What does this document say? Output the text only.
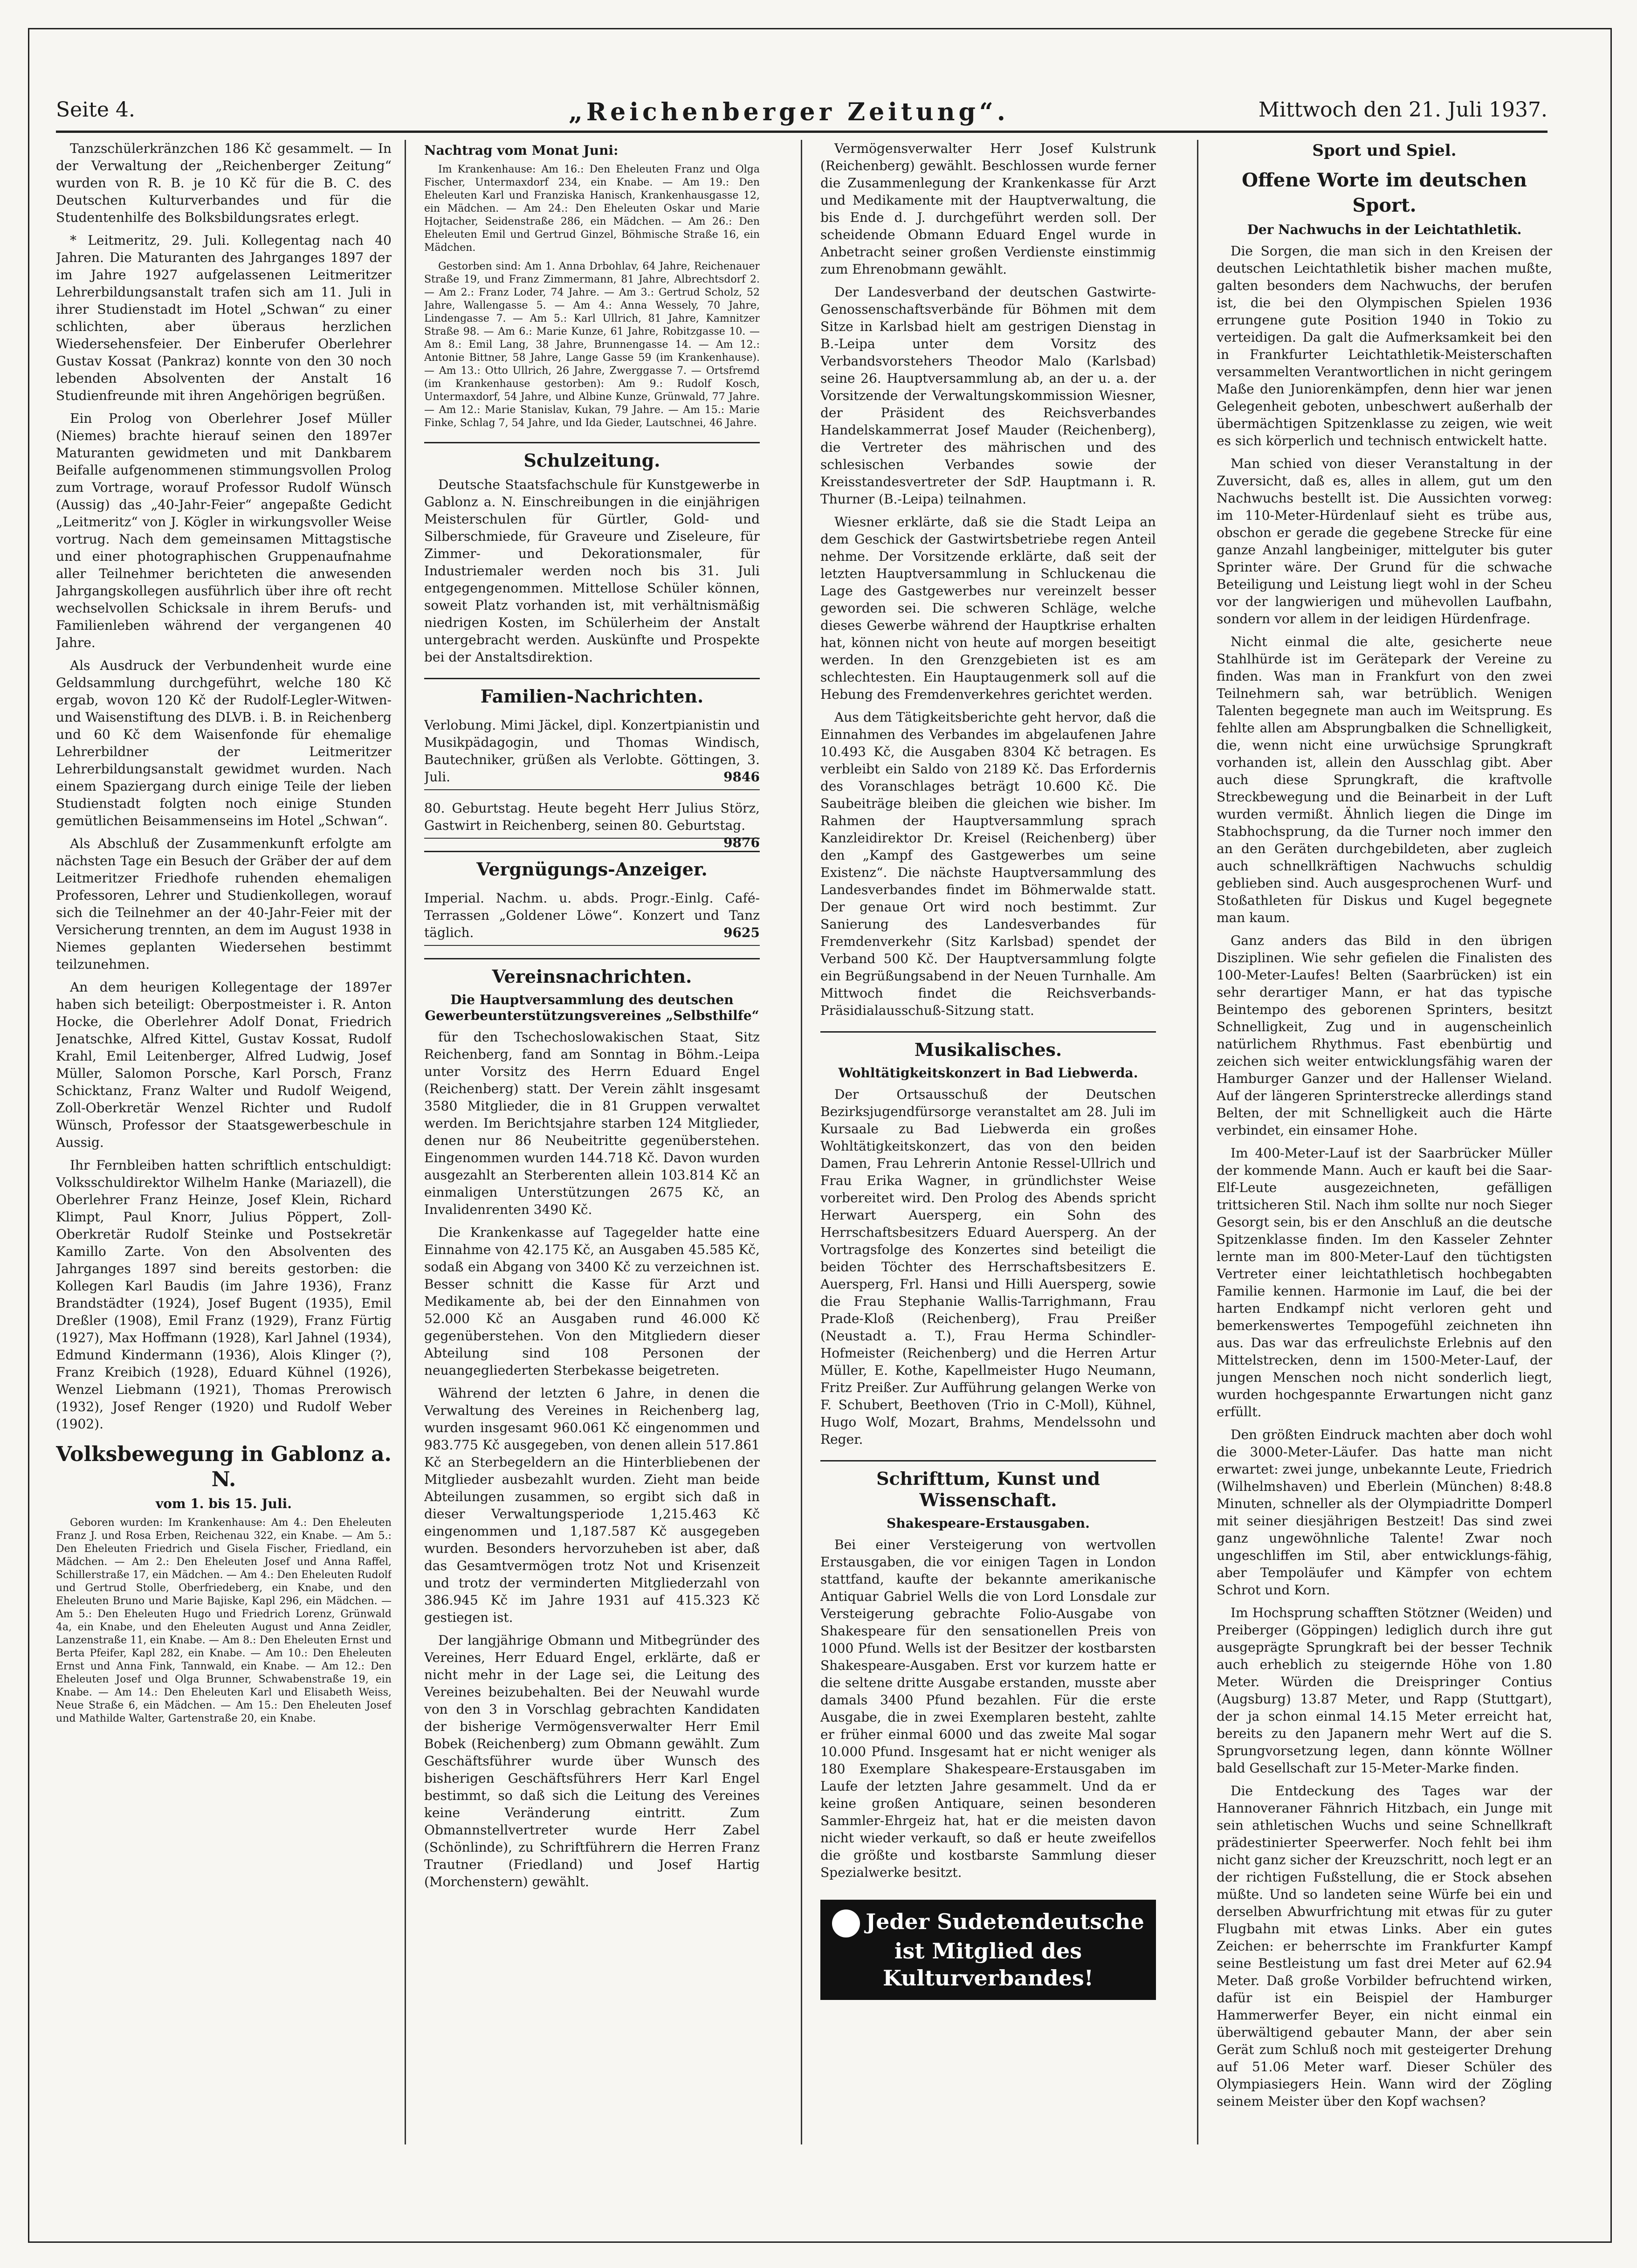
Seite 4.	„Reichenberger Zeitung“.	Mittwoch den 21. Juli 1937.

Tanzschülerkränzchen 186 Kč gesammelt. — In der Verwaltung der „Reichenberger Zeitung“ wurden von R. B. je 10 Kč für die B. C. des Deutschen Kulturverbandes und für die Studentenhilfe des Bolksbildungsrates erlegt.

* Leitmeritz, 29. Juli. Kollegentag nach 40 Jahren. Die Maturanten des Jahrganges 1897 der im Jahre 1927 aufgelassenen Leitmeritzer Lehrerbildungsanstalt trafen sich am 11. Juli in ihrer Studienstadt im Hotel „Schwan“ zu einer schlichten, aber überaus herzlichen Wiedersehensfeier. Der Einberufer Oberlehrer Gustav Kossat (Pankraz) konnte von den 30 noch lebenden Absolventen der Anstalt 16 Studienfreunde mit ihren Angehörigen begrüßen.

Ein Prolog von Oberlehrer Josef Müller (Niemes) brachte hierauf seinen den 1897er Maturanten gewidmeten und mit Dankbarem Beifalle aufgenommenen stimmungsvollen Prolog zum Vortrage, worauf Professor Rudolf Wünsch (Aussig) das „40-Jahr-Feier“ angepaßte Gedicht „Leitmeritz“ von J. Kögler in wirkungsvoller Weise vortrug. Nach dem gemeinsamen Mittagstische und einer photographischen Gruppenaufnahme aller Teilnehmer berichteten die anwesenden Jahrgangskollegen ausführlich über ihre oft recht wechselvollen Schicksale in ihrem Berufs- und Familienleben während der vergangenen 40 Jahre.

Als Ausdruck der Verbundenheit wurde eine Geldsammlung durchgeführt, welche 180 Kč ergab, wovon 120 Kč der Rudolf-Legler-Witwen- und Waisenstiftung des DLVB. i. B. in Reichenberg und 60 Kč dem Waisenfonde für ehemalige Lehrerbildner der Leitmeritzer Lehrerbildungsanstalt gewidmet wurden. Nach einem Spaziergang durch einige Teile der lieben Studienstadt folgten noch einige Stunden gemütlichen Beisammenseins im Hotel „Schwan“.

Als Abschluß der Zusammenkunft erfolgte am nächsten Tage ein Besuch der Gräber der auf dem Leitmeritzer Friedhofe ruhenden ehemaligen Professoren, Lehrer und Studienkollegen, worauf sich die Teilnehmer an der 40-Jahr-Feier mit der Versicherung trennten, an dem im August 1938 in Niemes geplanten Wiedersehen bestimmt teilzunehmen.

An dem heurigen Kollegentage der 1897er haben sich beteiligt: Oberpostmeister i. R. Anton Hocke, die Oberlehrer Adolf Donat, Friedrich Jenatschke, Alfred Kittel, Gustav Kossat, Rudolf Krahl, Emil Leitenberger, Alfred Ludwig, Josef Müller, Salomon Porsche, Karl Porsch, Franz Schicktanz, Franz Walter und Rudolf Weigend, Zoll-Oberkretär Wenzel Richter und Rudolf Wünsch, Professor der Staatsgewerbeschule in Aussig.

Ihr Fernbleiben hatten schriftlich entschuldigt: Volksschuldirektor Wilhelm Hanke (Mariazell), die Oberlehrer Franz Heinze, Josef Klein, Richard Klimpt, Paul Knorr, Julius Pöppert, Zoll-Oberkretär Rudolf Steinke und Postsekretär Kamillo Zarte. Von den Absolventen des Jahrganges 1897 sind bereits gestorben: die Kollegen Karl Baudis (im Jahre 1936), Franz Brandstädter (1924), Josef Bugent (1935), Emil Dreßler (1908), Emil Franz (1929), Franz Fürtig (1927), Max Hoffmann (1928), Karl Jahnel (1934), Edmund Kindermann (1936), Alois Klinger (?), Franz Kreibich (1928), Eduard Kühnel (1926), Wenzel Liebmann (1921), Thomas Prerowisch (1932), Josef Renger (1920) und Rudolf Weber (1902).

Volksbewegung in Gablonz a. N.
vom 1. bis 15. Juli.

Geboren wurden: Im Krankenhause: Am 4.: Den Eheleuten Franz J. und Rosa Erben, Reichenau 322, ein Knabe. — Am 5.: Den Eheleuten Friedrich und Gisela Fischer, Friedland, ein Mädchen. — Am 2.: Den Eheleuten Josef und Anna Raffel, Schillerstraße 17, ein Mädchen. — Am 4.: Den Eheleuten Rudolf und Gertrud Stolle, Oberfriedeberg, ein Knabe, und den Eheleuten Bruno und Marie Bajiske, Kapl 296, ein Mädchen. — Am 5.: Den Eheleuten Hugo und Friedrich Lorenz, Grünwald 4a, ein Knabe, und den Eheleuten August und Anna Zeidler, Lanzenstraße 11, ein Knabe. — Am 8.: Den Eheleuten Ernst und Berta Pfeifer, Kapl 282, ein Knabe. — Am 10.: Den Eheleuten Ernst und Anna Fink, Tannwald, ein Knabe. — Am 12.: Den Eheleuten Josef und Olga Brunner, Schwabenstraße 19, ein Knabe. — Am 14.: Den Eheleuten Karl und Elisabeth Weiss, Neue Straße 6, ein Mädchen. — Am 15.: Den Eheleuten Josef und Mathilde Walter, Gartenstraße 20, ein Knabe.

Nachtrag vom Monat Juni:

Im Krankenhause: Am 16.: Den Eheleuten Franz und Olga Fischer, Untermaxdorf 234, ein Knabe. — Am 19.: Den Eheleuten Karl und Franziska Hanisch, Krankenhausgasse 12, ein Mädchen. — Am 24.: Den Eheleuten Oskar und Marie Hojtacher, Seidenstraße 286, ein Mädchen. — Am 26.: Den Eheleuten Emil und Gertrud Ginzel, Böhmische Straße 16, ein Mädchen.

Gestorben sind: Am 1. Anna Drbohlav, 64 Jahre, Reichenauer Straße 19, und Franz Zimmermann, 81 Jahre, Albrechtsdorf 2. — Am 2.: Franz Loder, 74 Jahre. — Am 3.: Gertrud Scholz, 52 Jahre, Wallengasse 5. — Am 4.: Anna Wessely, 70 Jahre, Lindengasse 7. — Am 5.: Karl Ullrich, 81 Jahre, Kamnitzer Straße 98. — Am 6.: Marie Kunze, 61 Jahre, Robitzgasse 10. — Am 8.: Emil Lang, 38 Jahre, Brunnengasse 14. — Am 12.: Antonie Bittner, 58 Jahre, Lange Gasse 59 (im Krankenhause). — Am 13.: Otto Ullrich, 26 Jahre, Zwerggasse 7. — Ortsfremd (im Krankenhause gestorben): Am 9.: Rudolf Kosch, Untermaxdorf, 54 Jahre, und Albine Kunze, Grünwald, 77 Jahre. — Am 12.: Marie Stanislav, Kukan, 79 Jahre. — Am 15.: Marie Finke, Schlag 7, 54 Jahre, und Ida Gieder, Lautschnei, 46 Jahre.

Schulzeitung.

Deutsche Staatsfachschule für Kunstgewerbe in Gablonz a. N. Einschreibungen in die einjährigen Meisterschulen für Gürtler, Gold- und Silberschmiede, für Graveure und Ziseleure, für Zimmer- und Dekorationsmaler, für Industriemaler werden noch bis 31. Juli entgegengenommen. Mittellose Schüler können, soweit Platz vorhanden ist, mit verhältnismäßig niedrigen Kosten, im Schülerheim der Anstalt untergebracht werden. Auskünfte und Prospekte bei der Anstaltsdirektion.

Familien-Nachrichten.
Verlobung. Mimi Jäckel, dipl. Konzertpianistin und Musikpädagogin, und Thomas Windisch, Bautechniker, grüßen als Verlobte. Göttingen, 3. Juli.	9846
80. Geburtstag. Heute begeht Herr Julius Störz, Gastwirt in Reichenberg, seinen 80. Geburtstag.
9876
Vergnügungs-Anzeiger.
Imperial. Nachm. u. abds. Progr.-Einlg. Café-Terrassen „Goldener Löwe“. Konzert und Tanz täglich.	9625
Vereinsnachrichten.
Die Hauptversammlung des deutschen Gewerbeunterstützungsvereines „Selbsthilfe“

für den Tschechoslowakischen Staat, Sitz Reichenberg, fand am Sonntag in Böhm.-Leipa unter Vorsitz des Herrn Eduard Engel (Reichenberg) statt. Der Verein zählt insgesamt 3580 Mitglieder, die in 81 Gruppen verwaltet werden. Im Berichtsjahre starben 124 Mitglieder, denen nur 86 Neubeitritte gegenüberstehen. Eingenommen wurden 144.718 Kč. Davon wurden ausgezahlt an Sterberenten allein 103.814 Kč an einmaligen Unterstützungen 2675 Kč, an Invalidenrenten 3490 Kč.

Die Krankenkasse auf Tagegelder hatte eine Einnahme von 42.175 Kč, an Ausgaben 45.585 Kč, sodaß ein Abgang von 3400 Kč zu verzeichnen ist. Besser schnitt die Kasse für Arzt und Medikamente ab, bei der den Einnahmen von 52.000 Kč an Ausgaben rund 46.000 Kč gegenüberstehen. Von den Mitgliedern dieser Abteilung sind 108 Personen der neuangegliederten Sterbekasse beigetreten.

Während der letzten 6 Jahre, in denen die Verwaltung des Vereines in Reichenberg lag, wurden insgesamt 960.061 Kč eingenommen und 983.775 Kč ausgegeben, von denen allein 517.861 Kč an Sterbegeldern an die Hinterbliebenen der Mitglieder ausbezahlt wurden. Zieht man beide Abteilungen zusammen, so ergibt sich daß in dieser Verwaltungsperiode 1,215.463 Kč eingenommen und 1,187.587 Kč ausgegeben wurden. Besonders hervorzuheben ist aber, daß das Gesamtvermögen trotz Not und Krisenzeit und trotz der verminderten Mitgliederzahl von 386.945 Kč im Jahre 1931 auf 415.323 Kč gestiegen ist.

Der langjährige Obmann und Mitbegründer des Vereines, Herr Eduard Engel, erklärte, daß er nicht mehr in der Lage sei, die Leitung des Vereines beizubehalten. Bei der Neuwahl wurde von den 3 in Vorschlag gebrachten Kandidaten der bisherige Vermögensverwalter Herr Emil Bobek (Reichenberg) zum Obmann gewählt. Zum Geschäftsführer wurde über Wunsch des bisherigen Geschäftsführers Herr Karl Engel bestimmt, so daß sich die Leitung des Vereines keine Veränderung eintritt. Zum Obmannstellvertreter wurde Herr Zabel (Schönlinde), zu Schriftführern die Herren Franz Trautner (Friedland) und Josef Hartig (Morchenstern) gewählt.

Vermögensverwalter Herr Josef Kulstrunk (Reichenberg) gewählt. Beschlossen wurde ferner die Zusammenlegung der Krankenkasse für Arzt und Medikamente mit der Hauptverwaltung, die bis Ende d. J. durchgeführt werden soll. Der scheidende Obmann Eduard Engel wurde in Anbetracht seiner großen Verdienste einstimmig zum Ehrenobmann gewählt.

Der Landesverband der deutschen Gastwirte-Genossenschaftsverbände für Böhmen mit dem Sitze in Karlsbad hielt am gestrigen Dienstag in B.-Leipa unter dem Vorsitz des Verbandsvorstehers Theodor Malo (Karlsbad) seine 26. Hauptversammlung ab, an der u. a. der Vorsitzende der Verwaltungskommission Wiesner, der Präsident des Reichsverbandes Handelskammerrat Josef Mauder (Reichenberg), die Vertreter des mährischen und des schlesischen Verbandes sowie der Kreisstandesvertreter der SdP. Hauptmann i. R. Thurner (B.-Leipa) teilnahmen.

Wiesner erklärte, daß sie die Stadt Leipa an dem Geschick der Gastwirtsbetriebe regen Anteil nehme. Der Vorsitzende erklärte, daß seit der letzten Hauptversammlung in Schluckenau die Lage des Gastgewerbes nur vereinzelt besser geworden sei. Die schweren Schläge, welche dieses Gewerbe während der Hauptkrise erhalten hat, können nicht von heute auf morgen beseitigt werden. In den Grenzgebieten ist es am schlechtesten. Ein Hauptaugenmerk soll auf die Hebung des Fremdenverkehres gerichtet werden.

Aus dem Tätigkeitsberichte geht hervor, daß die Einnahmen des Verbandes im abgelaufenen Jahre 10.493 Kč, die Ausgaben 8304 Kč betragen. Es verbleibt ein Saldo von 2189 Kč. Das Erfordernis des Voranschlages beträgt 10.600 Kč. Die Saubeiträge bleiben die gleichen wie bisher. Im Rahmen der Hauptversammlung sprach Kanzleidirektor Dr. Kreisel (Reichenberg) über den „Kampf des Gastgewerbes um seine Existenz“. Die nächste Hauptversammlung des Landesverbandes findet im Böhmerwalde statt. Der genaue Ort wird noch bestimmt. Zur Sanierung des Landesverbandes für Fremdenverkehr (Sitz Karlsbad) spendet der Verband 500 Kč. Der Hauptversammlung folgte ein Begrüßungsabend in der Neuen Turnhalle. Am Mittwoch findet die Reichsverbands-Präsidialausschuß-Sitzung statt.

Musikalisches.
Wohltätigkeitskonzert in Bad Liebwerda.

Der Ortsausschuß der Deutschen Bezirksjugendfürsorge veranstaltet am 28. Juli im Kursaale zu Bad Liebwerda ein großes Wohltätigkeitskonzert, das von den beiden Damen, Frau Lehrerin Antonie Ressel-Ullrich und Frau Erika Wagner, in gründlichster Weise vorbereitet wird. Den Prolog des Abends spricht Herwart Auersperg, ein Sohn des Herrschaftsbesitzers Eduard Auersperg. An der Vortragsfolge des Konzertes sind beteiligt die beiden Töchter des Herrschaftsbesitzers E. Auersperg, Frl. Hansi und Hilli Auersperg, sowie die Frau Stephanie Wallis-Tarrighmann, Frau Prade-Kloß (Reichenberg), Frau Preißer (Neustadt a. T.), Frau Herma Schindler-Hofmeister (Reichenberg) und die Herren Artur Müller, E. Kothe, Kapellmeister Hugo Neumann, Fritz Preißer. Zur Aufführung gelangen Werke von F. Schubert, Beethoven (Trio in C-Moll), Kühnel, Hugo Wolf, Mozart, Brahms, Mendelssohn und Reger.

Schrifttum, Kunst und Wissenschaft.
Shakespeare-Erstausgaben.

Bei einer Versteigerung von wertvollen Erstausgaben, die vor einigen Tagen in London stattfand, kaufte der bekannte amerikanische Antiquar Gabriel Wells die von Lord Lonsdale zur Versteigerung gebrachte Folio-Ausgabe von Shakespeare für den sensationellen Preis von 1000 Pfund. Wells ist der Besitzer der kostbarsten Shakespeare-Ausgaben. Erst vor kurzem hatte er die seltene dritte Ausgabe erstanden, musste aber damals 3400 Pfund bezahlen. Für die erste Ausgabe, die in zwei Exemplaren besteht, zahlte er früher einmal 6000 und das zweite Mal sogar 10.000 Pfund. Insgesamt hat er nicht weniger als 180 Exemplare Shakespeare-Erstausgaben im Laufe der letzten Jahre gesammelt. Und da er keine großen Antiquare, seinen besonderen Sammler-Ehrgeiz hat, hat er die meisten davon nicht wieder verkauft, so daß er heute zweifellos die größte und kostbarste Sammlung dieser Spezialwerke besitzt.

Jeder Sudetendeutsche
ist Mitglied des Kulturverbandes!
Sport und Spiel.
Offene Worte im deutschen Sport.
Der Nachwuchs in der Leichtathletik.

Die Sorgen, die man sich in den Kreisen der deutschen Leichtathletik bisher machen mußte, galten besonders dem Nachwuchs, der berufen ist, die bei den Olympischen Spielen 1936 errungene gute Position 1940 in Tokio zu verteidigen. Da galt die Aufmerksamkeit bei den in Frankfurter Leichtathletik-Meisterschaften versammelten Verantwortlichen in nicht geringem Maße den Juniorenkämpfen, denn hier war jenen Gelegenheit geboten, unbeschwert außerhalb der übermächtigen Spitzenklasse zu zeigen, wie weit es sich körperlich und technisch entwickelt hatte.

Man schied von dieser Veranstaltung in der Zuversicht, daß es, alles in allem, gut um den Nachwuchs bestellt ist. Die Aussichten vorweg: im 110-Meter-Hürdenlauf sieht es trübe aus, obschon er gerade die gegebene Strecke für eine ganze Anzahl langbeiniger, mittelguter bis guter Sprinter wäre. Der Grund für die schwache Beteiligung und Leistung liegt wohl in der Scheu vor der langwierigen und mühevollen Laufbahn, sondern vor allem in der leidigen Hürdenfrage.

Nicht einmal die alte, gesicherte neue Stahlhürde ist im Gerätepark der Vereine zu finden. Was man in Frankfurt von den zwei Teilnehmern sah, war betrüblich. Wenigen Talenten begegnete man auch im Weitsprung. Es fehlte allen am Absprungbalken die Schnelligkeit, die, wenn nicht eine urwüchsige Sprungkraft vorhanden ist, allein den Ausschlag gibt. Aber auch diese Sprungkraft, die kraftvolle Streckbewegung und die Beinarbeit in der Luft wurden vermißt. Ähnlich liegen die Dinge im Stabhochsprung, da die Turner noch immer den an den Geräten durchgebildeten, aber zugleich auch schnellkräftigen Nachwuchs schuldig geblieben sind. Auch ausgesprochenen Wurf- und Stoßathleten für Diskus und Kugel begegnete man kaum.

Ganz anders das Bild in den übrigen Disziplinen. Wie sehr gefielen die Finalisten des 100-Meter-Laufes! Belten (Saarbrücken) ist ein sehr derartiger Mann, er hat das typische Beintempo des geborenen Sprinters, besitzt Schnelligkeit, Zug und in augenscheinlich natürlichem Rhythmus. Fast ebenbürtig und zeichen sich weiter entwicklungsfähig waren der Hamburger Ganzer und der Hallenser Wieland. Auf der längeren Sprinterstrecke allerdings stand Belten, der mit Schnelligkeit auch die Härte verbindet, ein einsamer Hohe.

Im 400-Meter-Lauf ist der Saarbrücker Müller der kommende Mann. Auch er kauft bei die Saar-Elf-Leute ausgezeichneten, gefälligen trittsicheren Stil. Nach ihm sollte nur noch Sieger Gesorgt sein, bis er den Anschluß an die deutsche Spitzenklasse finden. Im den Kasseler Zehnter lernte man im 800-Meter-Lauf den tüchtigsten Vertreter einer leichtathletisch hochbegabten Familie kennen. Harmonie im Lauf, die bei der harten Endkampf nicht verloren geht und bemerkenswertes Tempogefühl zeichneten ihn aus. Das war das erfreulichste Erlebnis auf den Mittelstrecken, denn im 1500-Meter-Lauf, der jungen Menschen noch nicht sonderlich liegt, wurden hochgespannte Erwartungen nicht ganz erfüllt.

Den größten Eindruck machten aber doch wohl die 3000-Meter-Läufer. Das hatte man nicht erwartet: zwei junge, unbekannte Leute, Friedrich (Wilhelmshaven) und Eberlein (München) 8:48.8 Minuten, schneller als der Olympiadritte Domperl mit seiner diesjährigen Bestzeit! Das sind zwei ganz ungewöhnliche Talente! Zwar noch ungeschliffen im Stil, aber entwicklungs-fähig, aber Tempoläufer und Kämpfer von echtem Schrot und Korn.

Im Hochsprung schafften Stötzner (Weiden) und Preiberger (Göppingen) lediglich durch ihre gut ausgeprägte Sprungkraft bei der besser Technik auch erheblich zu steigernde Höhe von 1.80 Meter. Würden die Dreispringer Contius (Augsburg) 13.87 Meter, und Rapp (Stuttgart), der ja schon einmal 14.15 Meter erreicht hat, bereits zu den Japanern mehr Wert auf die S. Sprungvorsetzung legen, dann könnte Wöllner bald Gesellschaft zur 15-Meter-Marke finden.

Die Entdeckung des Tages war der Hannoveraner Fähnrich Hitzbach, ein Junge mit sein athletischen Wuchs und seine Schnellkraft prädestinierter Speerwerfer. Noch fehlt bei ihm nicht ganz sicher der Kreuzschritt, noch legt er an der richtigen Fußstellung, die er Stock absehen müßte. Und so landeten seine Würfe bei ein und derselben Abwurfrichtung mit etwas für zu guter Flugbahn mit etwas Links. Aber ein gutes Zeichen: er beherrschte im Frankfurter Kampf seine Bestleistung um fast drei Meter auf 62.94 Meter. Daß große Vorbilder befruchtend wirken, dafür ist ein Beispiel der Hamburger Hammerwerfer Beyer, ein nicht einmal ein überwältigend gebauter Mann, der aber sein Gerät zum Schluß noch mit gesteigerter Drehung auf 51.06 Meter warf. Dieser Schüler des Olympiasiegers Hein. Wann wird der Zögling seinem Meister über den Kopf wachsen?
